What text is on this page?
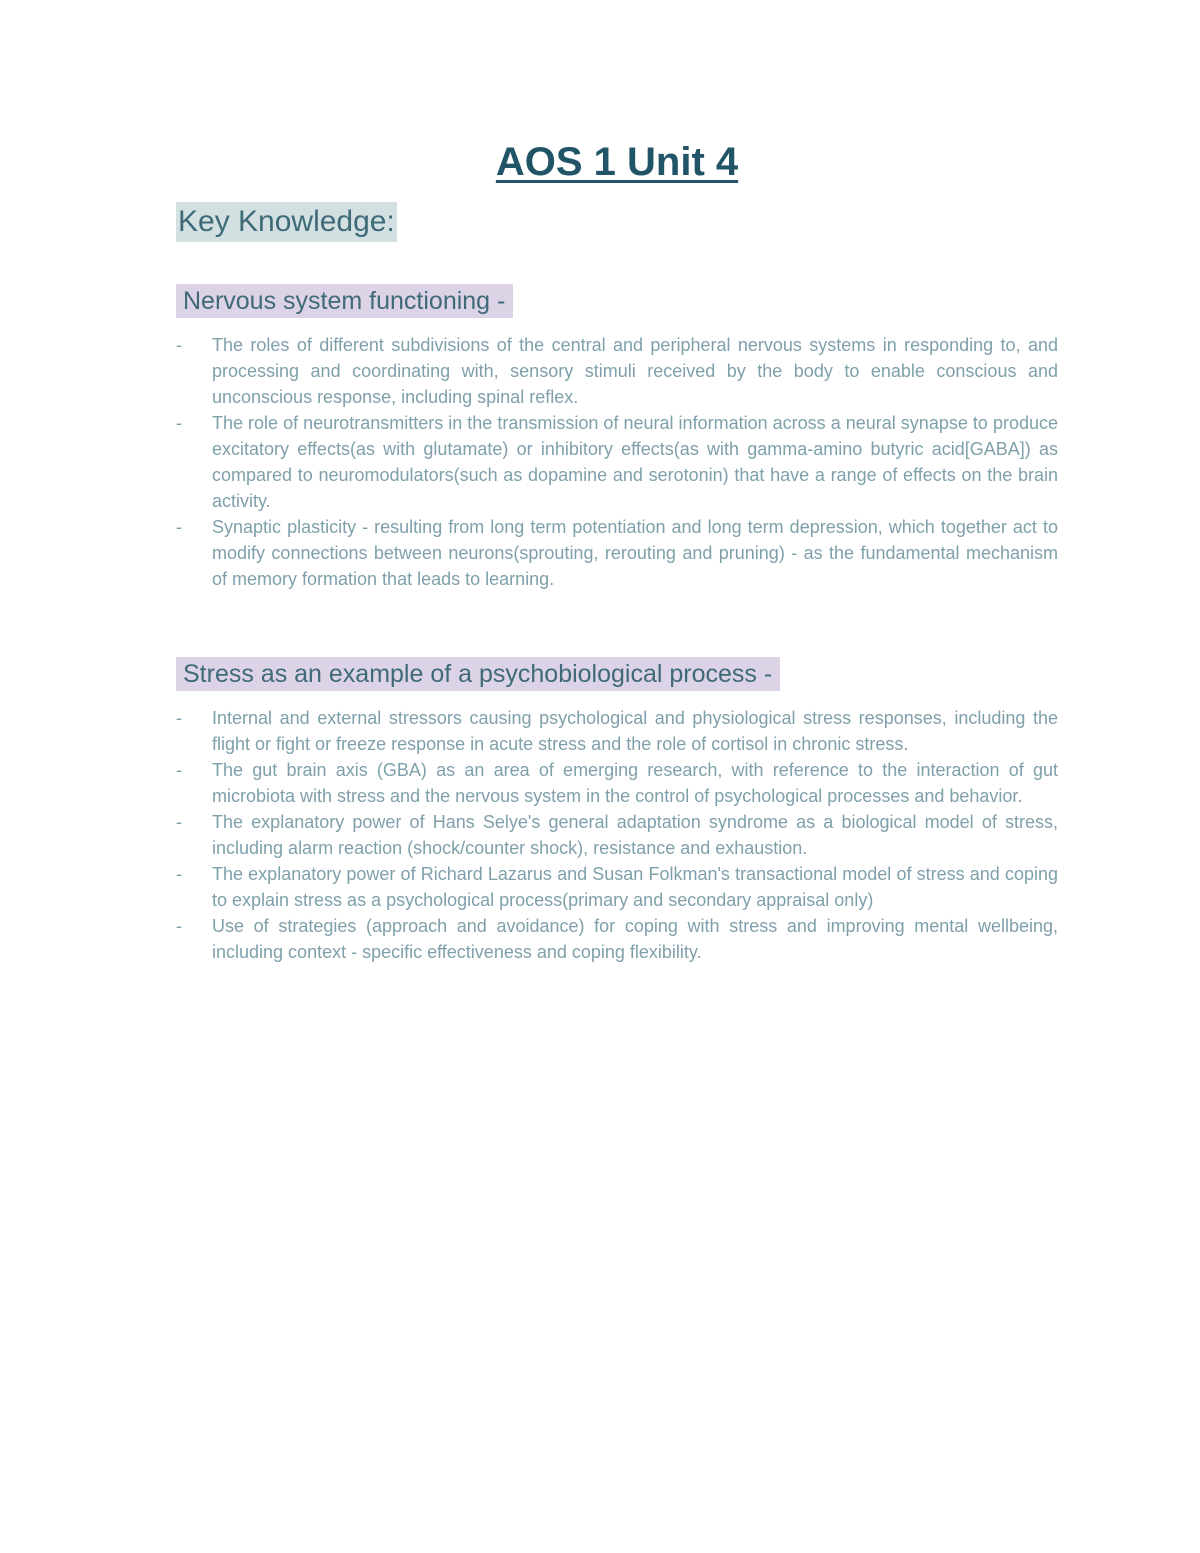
AOS 1 Unit 4
Key Knowledge:
Nervous system functioning -
- The roles of different subdivisions of the central and peripheral nervous systems in responding to, and processing and coordinating with, sensory stimuli received by the body to enable conscious and unconscious response, including spinal reflex.
- The role of neurotransmitters in the transmission of neural information across a neural synapse to produce excitatory effects(as with glutamate) or inhibitory effects(as with gamma-amino butyric acid[GABA]) as compared to neuromodulators(such as dopamine and serotonin) that have a range of effects on the brain activity.
- Synaptic plasticity - resulting from long term potentiation and long term depression, which together act to modify connections between neurons(sprouting, rerouting and pruning) - as the fundamental mechanism of memory formation that leads to learning.
Stress as an example of a psychobiological process -
- Internal and external stressors causing psychological and physiological stress responses, including the flight or fight or freeze response in acute stress and the role of cortisol in chronic stress.
- The gut brain axis (GBA) as an area of emerging research, with reference to the interaction of gut microbiota with stress and the nervous system in the control of psychological processes and behavior.
- The explanatory power of Hans Selye's general adaptation syndrome as a biological model of stress, including alarm reaction (shock/counter shock), resistance and exhaustion.
- The explanatory power of Richard Lazarus and Susan Folkman's transactional model of stress and coping to explain stress as a psychological process(primary and secondary appraisal only)
- Use of strategies (approach and avoidance) for coping with stress and improving mental wellbeing, including context - specific effectiveness and coping flexibility.
